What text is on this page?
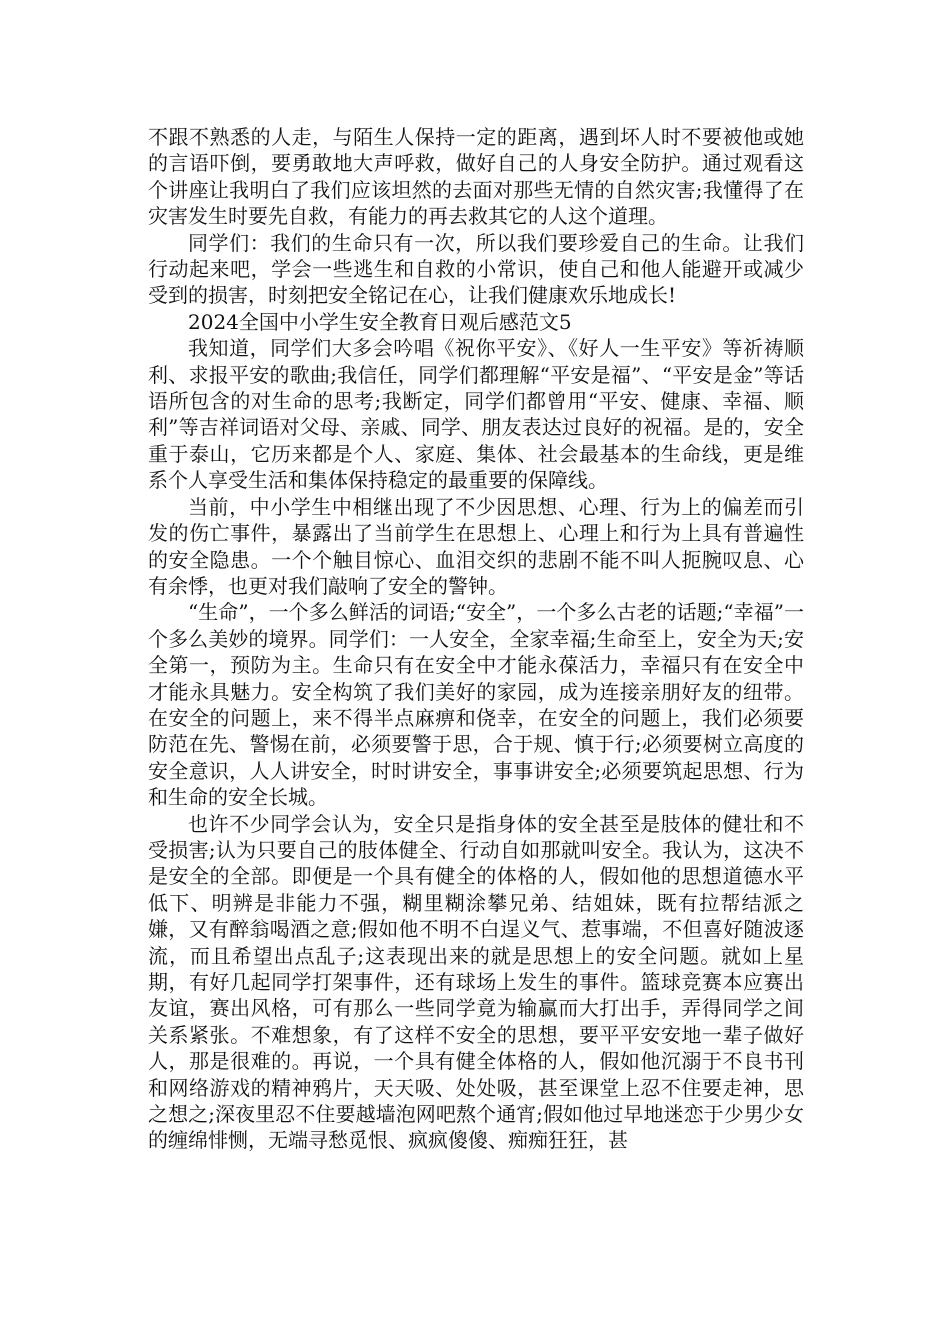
不跟不熟悉的人走，与陌生人保持一定的距离，遇到坏人时不要被他或她的言语吓倒，要勇敢地大声呼救，做好自己的人身安全防护。通过观看这个讲座让我明白了我们应该坦然的去面对那些无情的自然灾害;我懂得了在灾害发生时要先自救，有能力的再去救其它的人这个道理。

同学们：我们的生命只有一次，所以我们要珍爱自己的生命。让我们行动起来吧，学会一些逃生和自救的小常识，使自己和他人能避开或减少受到的损害，时刻把安全铭记在心，让我们健康欢乐地成长!

2024全国中小学生安全教育日观后感范文5

我知道，同学们大多会吟唱《祝你平安》、《好人一生平安》等祈祷顺利、求报平安的歌曲;我信任，同学们都理解“平安是福”、“平安是金”等话语所包含的对生命的思考;我断定，同学们都曾用“平安、健康、幸福、顺利”等吉祥词语对父母、亲戚、同学、朋友表达过良好的祝福。是的，安全重于泰山，它历来都是个人、家庭、集体、社会最基本的生命线，更是维系个人享受生活和集体保持稳定的最重要的保障线。

当前，中小学生中相继出现了不少因思想、心理、行为上的偏差而引发的伤亡事件，暴露出了当前学生在思想上、心理上和行为上具有普遍性的安全隐患。一个个触目惊心、血泪交织的悲剧不能不叫人扼腕叹息、心有余悸，也更对我们敲响了安全的警钟。

“生命”，一个多么鲜活的词语;“安全”，一个多么古老的话题;“幸福”一个多么美妙的境界。同学们：一人安全，全家幸福;生命至上，安全为天;安全第一，预防为主。生命只有在安全中才能永葆活力，幸福只有在安全中才能永具魅力。安全构筑了我们美好的家园，成为连接亲朋好友的纽带。在安全的问题上，来不得半点麻痹和侥幸，在安全的问题上，我们必须要防范在先、警惕在前，必须要警于思，合于规、慎于行;必须要树立高度的安全意识，人人讲安全，时时讲安全，事事讲安全;必须要筑起思想、行为和生命的安全长城。

也许不少同学会认为，安全只是指身体的安全甚至是肢体的健壮和不受损害;认为只要自己的肢体健全、行动自如那就叫安全。我认为，这决不是安全的全部。即便是一个具有健全的体格的人，假如他的思想道德水平低下、明辨是非能力不强，糊里糊涂攀兄弟、结姐妹，既有拉帮结派之嫌，又有醉翁喝酒之意;假如他不明不白逞义气、惹事端，不但喜好随波逐流，而且希望出点乱子;这表现出来的就是思想上的安全问题。就如上星期，有好几起同学打架事件，还有球场上发生的事件。篮球竞赛本应赛出友谊，赛出风格，可有那么一些同学竟为输赢而大打出手，弄得同学之间关系紧张。不难想象，有了这样不安全的思想，要平平安安地一辈子做好人，那是很难的。再说，一个具有健全体格的人，假如他沉溺于不良书刊和网络游戏的精神鸦片，天天吸、处处吸，甚至课堂上忍不住要走神，思之想之;深夜里忍不住要越墙泡网吧熬个通宵;假如他过早地迷恋于少男少女的缠绵悱恻，无端寻愁觅恨、疯疯傻傻、痴痴狂狂，甚
